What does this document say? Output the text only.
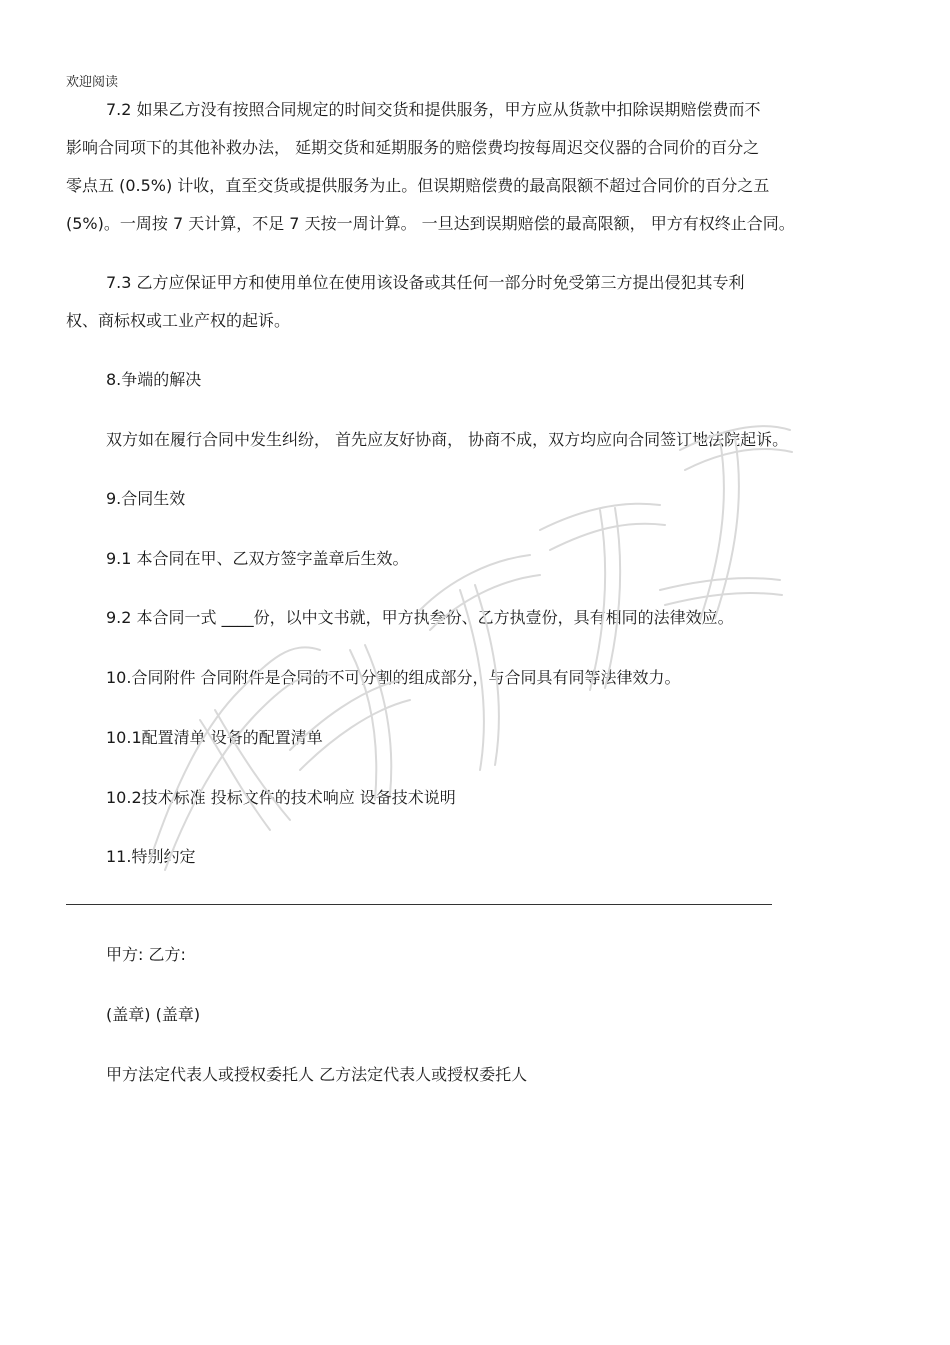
欢迎阅读
7.2 如果乙方没有按照合同规定的时间交货和提供服务，甲方应从货款中扣除误期赔偿费而不
影响合同项下的其他补救办法， 延期交货和延期服务的赔偿费均按每周迟交仪器的合同价的百分之
零点五 (0.5%) 计收，直至交货或提供服务为止。但误期赔偿费的最高限额不超过合同价的百分之五
(5%)。一周按 7 天计算，不足 7 天按一周计算。 一旦达到误期赔偿的最高限额， 甲方有权终止合同。
7.3 乙方应保证甲方和使用单位在使用该设备或其任何一部分时免受第三方提出侵犯其专利
权、商标权或工业产权的起诉。
8.争端的解决
双方如在履行合同中发生纠纷， 首先应友好协商， 协商不成，双方均应向合同签订地法院起诉。
9.合同生效
9.1 本合同在甲、乙双方签字盖章后生效。
9.2 本合同一式 ____份，以中文书就，甲方执叁份、乙方执壹份，具有相同的法律效应。
10.合同附件 合同附件是合同的不可分割的组成部分，与合同具有同等法律效力。
10.1配置清单 设备的配置清单
10.2技术标准 投标文件的技术响应 设备技术说明
11.特别约定
甲方: 乙方:
(盖章) (盖章)
甲方法定代表人或授权委托人 乙方法定代表人或授权委托人
